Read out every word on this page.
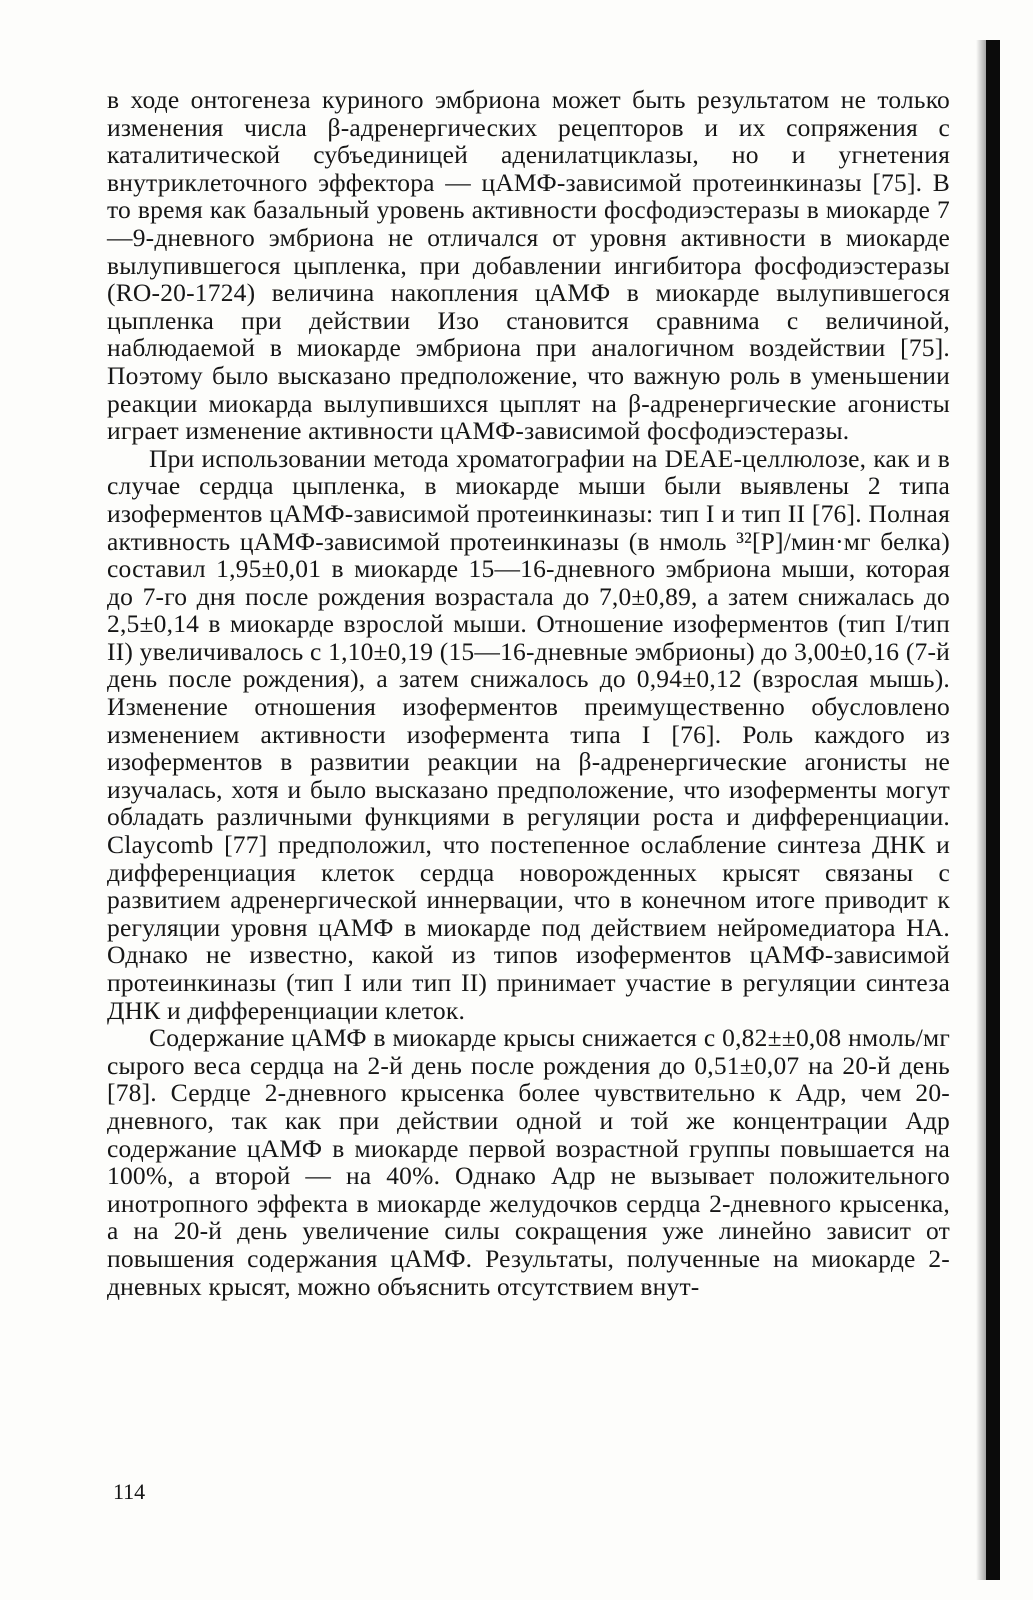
в ходе онтогенеза куриного эмбриона может быть результатом не только изменения числа β-адренергических рецепторов и их сопряжения с каталитической субъединицей аденилатциклазы, но и угнетения внутриклеточного эффектора — цАМФ-зависимой протеинкиназы [75]. В то время как базальный уровень активности фосфодиэстеразы в миокарде 7—9-дневного эмбриона не отличался от уровня активности в миокарде вылупившегося цыпленка, при добавлении ингибитора фосфодиэстеразы (RO-20-1724) величина накопления цАМФ в миокарде вылупившегося цыпленка при действии Изо становится сравнима с величиной, наблюдаемой в миокарде эмбриона при аналогичном воздействии [75]. Поэтому было высказано предположение, что важную роль в уменьшении реакции миокарда вылупившихся цыплят на β-адренергические агонисты играет изменение активности цАМФ-зависимой фосфодиэстеразы.

При использовании метода хроматографии на DEAE-целлюлозе, как и в случае сердца цыпленка, в миокарде мыши были выявлены 2 типа изоферментов цАМФ-зависимой протеинкиназы: тип I и тип II [76]. Полная активность цАМФ-зависимой протеинкиназы (в нмоль ³²[P]/мин·мг белка) составил 1,95±0,01 в миокарде 15—16-дневного эмбриона мыши, которая до 7-го дня после рождения возрастала до 7,0±0,89, а затем снижалась до 2,5±0,14 в миокарде взрослой мыши. Отношение изоферментов (тип I/тип II) увеличивалось с 1,10±0,19 (15—16-дневные эмбрионы) до 3,00±0,16 (7-й день после рождения), а затем снижалось до 0,94±0,12 (взрослая мышь). Изменение отношения изоферментов преимущественно обусловлено изменением активности изофермента типа I [76]. Роль каждого из изоферментов в развитии реакции на β-адренергические агонисты не изучалась, хотя и было высказано предположение, что изоферменты могут обладать различными функциями в регуляции роста и дифференциации. Claycomb [77] предположил, что постепенное ослабление синтеза ДНК и дифференциация клеток сердца новорожденных крысят связаны с развитием адренергической иннервации, что в конечном итоге приводит к регуляции уровня цАМФ в миокарде под действием нейромедиатора НА. Однако не известно, какой из типов изоферментов цАМФ-зависимой протеинкиназы (тип I или тип II) принимает участие в регуляции синтеза ДНК и дифференциации клеток.

Содержание цАМФ в миокарде крысы снижается с 0,82±±0,08 нмоль/мг сырого веса сердца на 2-й день после рождения до 0,51±0,07 на 20-й день [78]. Сердце 2-дневного крысенка более чувствительно к Адр, чем 20-дневного, так как при действии одной и той же концентрации Адр содержание цАМФ в миокарде первой возрастной группы повышается на 100%, а второй — на 40%. Однако Адр не вызывает положительного инотропного эффекта в миокарде желудочков сердца 2-дневного крысенка, а на 20-й день увеличение силы сокращения уже линейно зависит от повышения содержания цАМФ. Результаты, полученные на миокарде 2-дневных крысят, можно объяснить отсутствием внут-

114
